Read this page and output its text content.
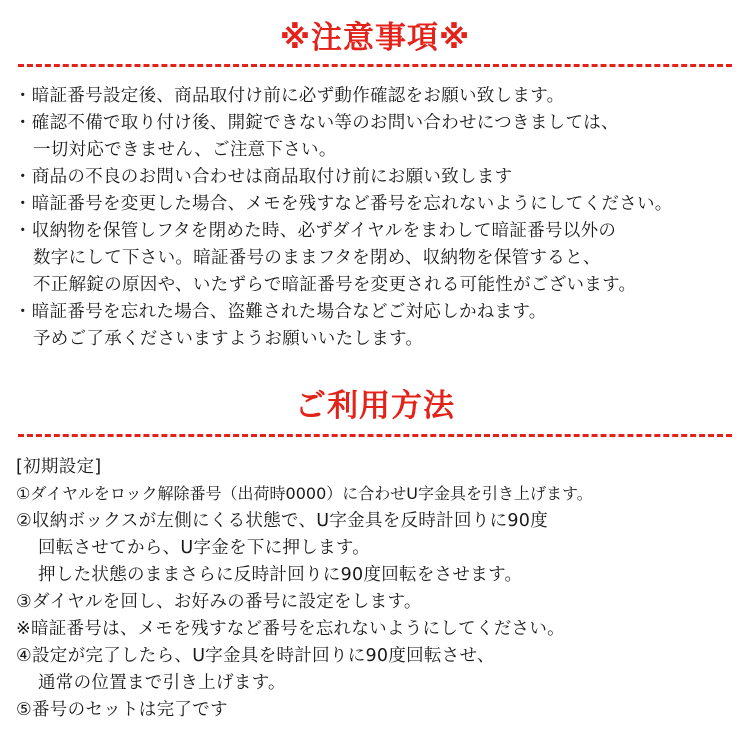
※注意事項※
・暗証番号設定後、商品取付け前に必ず動作確認をお願い致します。
・確認不備で取り付け後、開錠できない等のお問い合わせにつきましては、
一切対応できません、ご注意下さい。
・商品の不良のお問い合わせは商品取付け前にお願い致します
・暗証番号を変更した場合、メモを残すなど番号を忘れないようにしてください。
・収納物を保管しフタを閉めた時、必ずダイヤルをまわして暗証番号以外の
数字にして下さい。暗証番号のままフタを閉め、収納物を保管すると、
不正解錠の原因や、いたずらで暗証番号を変更される可能性がございます。
・暗証番号を忘れた場合、盗難された場合などご対応しかねます。
予めご了承くださいますようお願いいたします。
ご利用方法
[初期設定]
①ダイヤルをロック解除番号（出荷時0000）に合わせU字金具を引き上げます。
②収納ボックスが左側にくる状態で、U字金具を反時計回りに90度
回転させてから、U字金を下に押します。
押した状態のままさらに反時計回りに90度回転をさせます。
③ダイヤルを回し、お好みの番号に設定をします。
※暗証番号は、メモを残すなど番号を忘れないようにしてください。
④設定が完了したら、U字金具を時計回りに90度回転させ、
通常の位置まで引き上げます。
⑤番号のセットは完了です
